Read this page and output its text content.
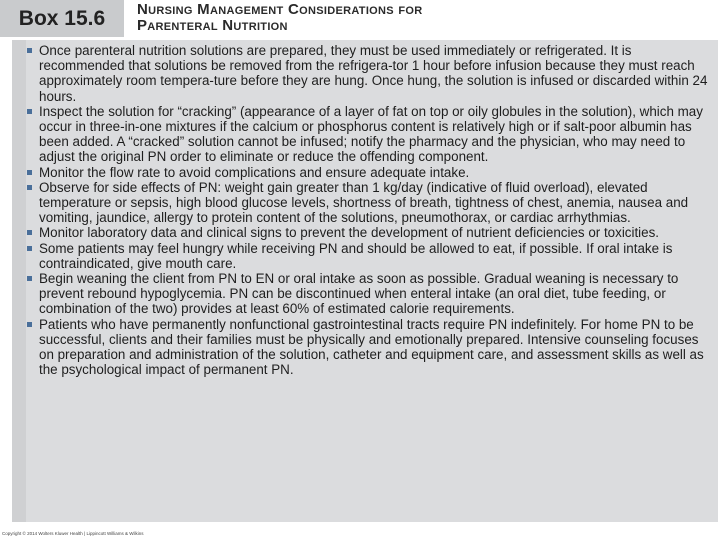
Box 15.6 Nursing Management Considerations for
Parenteral Nutrition
Once parenteral nutrition solutions are prepared, they must be used immediately or refrigerated. It is recommended that solutions be removed from the refrigera-tor 1 hour before infusion because they must reach approximately room tempera-ture before they are hung. Once hung, the solution is infused or discarded within 24 hours.
Inspect the solution for “cracking” (appearance of a layer of fat on top or oily globules in the solution), which may occur in three-in-one mixtures if the calcium or phosphorus content is relatively high or if salt-poor albumin has been added. A “cracked” solution cannot be infused; notify the pharmacy and the physician, who may need to adjust the original PN order to eliminate or reduce the offending component.
Monitor the flow rate to avoid complications and ensure adequate intake.
Observe for side effects of PN: weight gain greater than 1 kg/day (indicative of fluid overload), elevated temperature or sepsis, high blood glucose levels, shortness of breath, tightness of chest, anemia, nausea and vomiting, jaundice, allergy to protein content of the solutions, pneumothorax, or cardiac arrhythmias.
Monitor laboratory data and clinical signs to prevent the development of nutrient deficiencies or toxicities.
Some patients may feel hungry while receiving PN and should be allowed to eat, if possible. If oral intake is contraindicated, give mouth care.
Begin weaning the client from PN to EN or oral intake as soon as possible. Gradual weaning is necessary to prevent rebound hypoglycemia. PN can be discontinued when enteral intake (an oral diet, tube feeding, or combination of the two) provides at least 60% of estimated calorie requirements.
Patients who have permanently nonfunctional gastrointestinal tracts require PN indefinitely. For home PN to be successful, clients and their families must be physically and emotionally prepared. Intensive counseling focuses on preparation and administration of the solution, catheter and equipment care, and assessment skills as well as the psychological impact of permanent PN.
Copyright © 2014 Wolters Kluwer Health | Lippincott Williams & Wilkins
